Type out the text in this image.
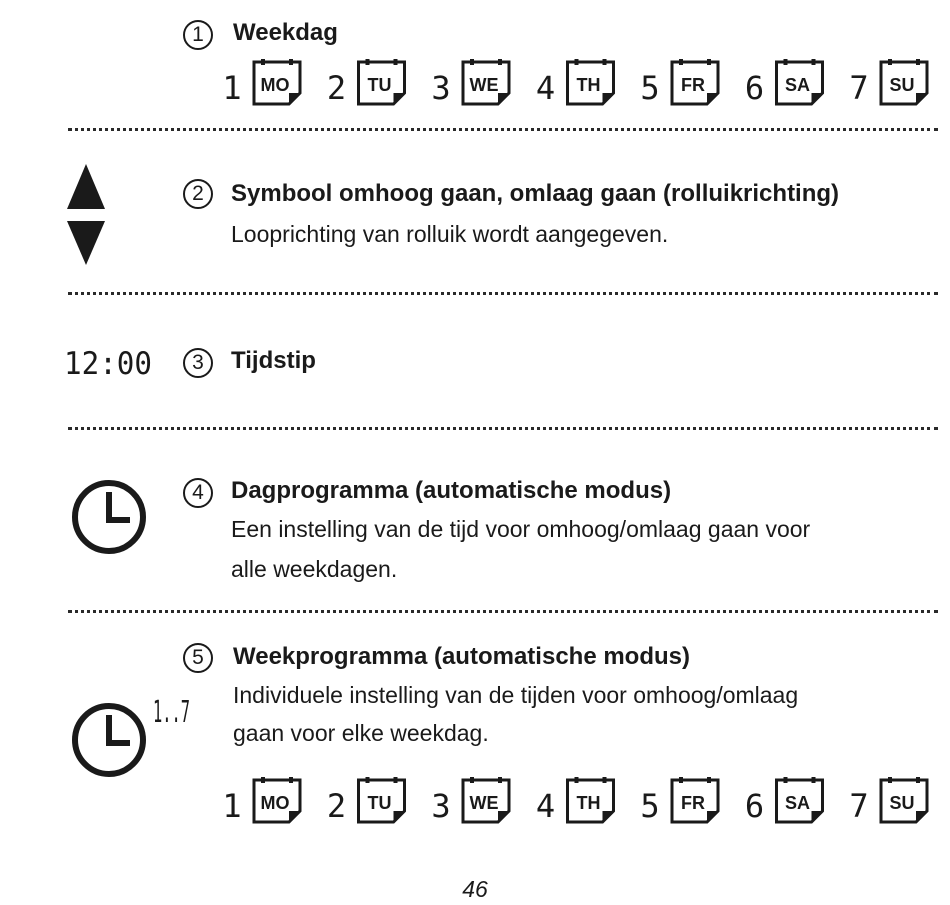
1	Weekdag
1 MO 2 TU 3 WE 4 TH 5 FR 6 SA 7 SU
2	Symbool omhoog gaan, omlaag gaan (rolluikrichting)
Looprichting van rolluik wordt aangegeven.
12:00	3	Tijdstip
4	Dagprogramma (automatische modus)
Een instelling van de tijd voor omhoog/omlaag gaan voor
alle weekdagen.
1..7
5	Weekprogramma (automatische modus)
Individuele instelling van de tijden voor omhoog/omlaag
gaan voor elke weekdag.
1 MO 2 TU 3 WE 4 TH 5 FR 6 SA 7 SU
46
